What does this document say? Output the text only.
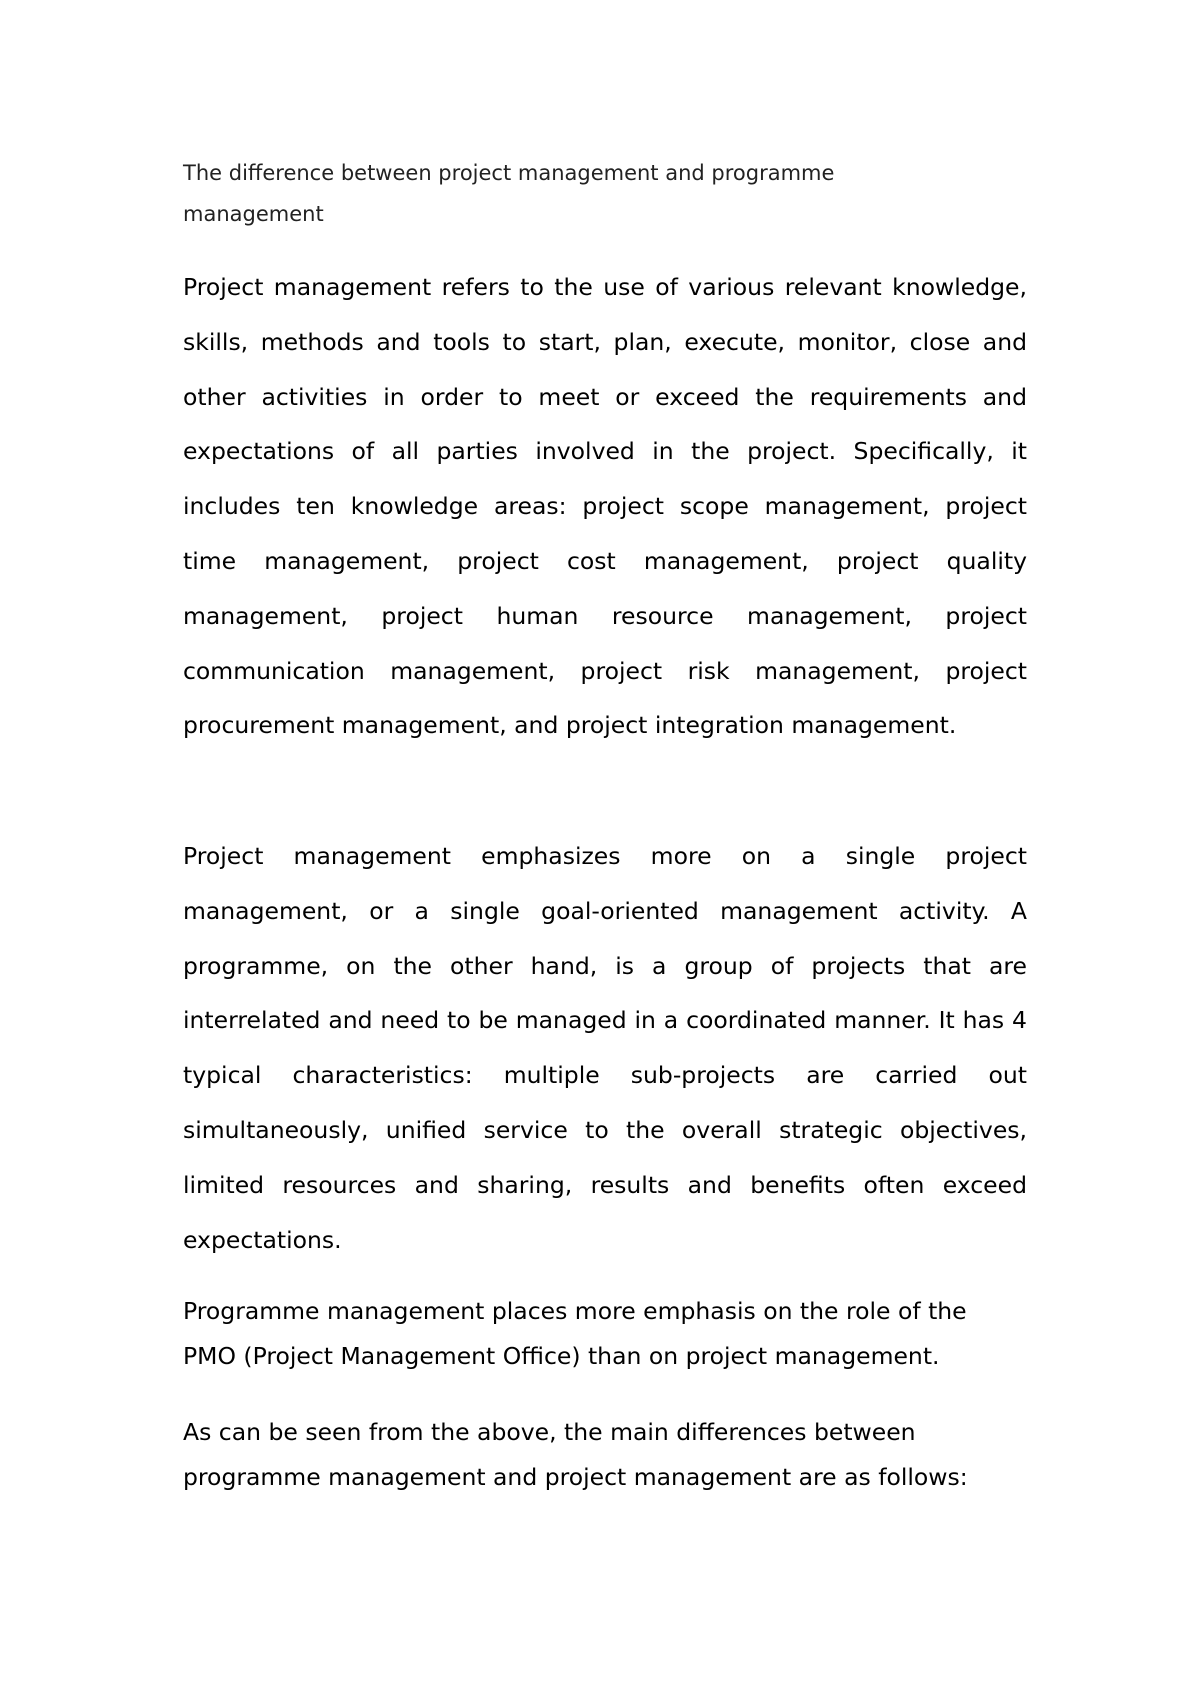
The difference between project management and programme management

Project management refers to the use of various relevant knowledge, skills, methods and tools to start, plan, execute, monitor, close and other activities in order to meet or exceed the requirements and expectations of all parties involved in the project. Specifically, it includes ten knowledge areas: project scope management, project time management, project cost management, project quality management, project human resource management, project communication management, project risk management, project procurement management, and project integration management.

Project management emphasizes more on a single project management, or a single goal-oriented management activity. A programme, on the other hand, is a group of projects that are interrelated and need to be managed in a coordinated manner. It has 4 typical characteristics: multiple sub-projects are carried out simultaneously, unified service to the overall strategic objectives, limited resources and sharing, results and benefits often exceed expectations.

Programme management places more emphasis on the role of the PMO (Project Management Office) than on project management.

As can be seen from the above, the main differences between programme management and project management are as follows:
